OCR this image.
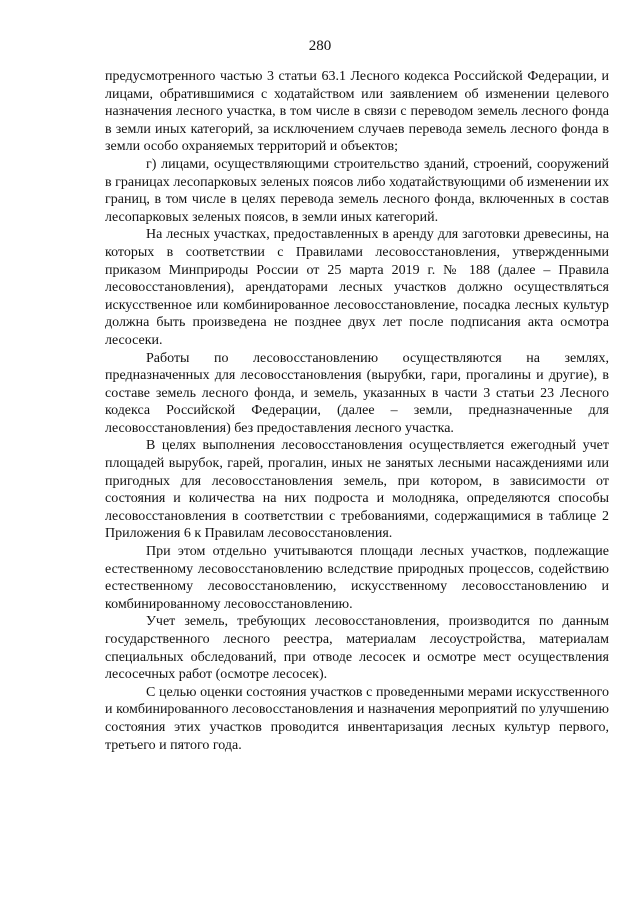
280

предусмотренного частью 3 статьи 63.1 Лесного кодекса Российской Федерации, и лицами, обратившимися с ходатайством или заявлением об изменении целевого назначения лесного участка, в том числе в связи с переводом земель лесного фонда в земли иных категорий, за исключением случаев перевода земель лесного фонда в земли особо охраняемых территорий и объектов;

г) лицами, осуществляющими строительство зданий, строений, сооружений в границах лесопарковых зеленых поясов либо ходатайствующими об изменении их границ, в том числе в целях перевода земель лесного фонда, включенных в состав лесопарковых зеленых поясов, в земли иных категорий.

На лесных участках, предоставленных в аренду для заготовки древесины, на которых в соответствии с Правилами лесовосстановления, утвержденными приказом Минприроды России от 25 марта 2019 г. № 188 (далее – Правила лесовосстановления), арендаторами лесных участков должно осуществляться искусственное или комбинированное лесовосстановление, посадка лесных культур должна быть произведена не позднее двух лет после подписания акта осмотра лесосеки.

Работы по лесовосстановлению осуществляются на землях, предназначенных для лесовосстановления (вырубки, гари, прогалины и другие), в составе земель лесного фонда, и земель, указанных в части 3 статьи 23 Лесного кодекса Российской Федерации, (далее – земли, предназначенные для лесовосстановления) без предоставления лесного участка.

В целях выполнения лесовосстановления осуществляется ежегодный учет площадей вырубок, гарей, прогалин, иных не занятых лесными насаждениями или пригодных для лесовосстановления земель, при котором, в зависимости от состояния и количества на них подроста и молодняка, определяются способы лесовосстановления в соответствии с требованиями, содержащимися в таблице 2 Приложения 6 к Правилам лесовосстановления.

При этом отдельно учитываются площади лесных участков, подлежащие естественному лесовосстановлению вследствие природных процессов, содействию естественному лесовосстановлению, искусственному лесовосстановлению и комбинированному лесовосстановлению.

Учет земель, требующих лесовосстановления, производится по данным государственного лесного реестра, материалам лесоустройства, материалам специальных обследований, при отводе лесосек и осмотре мест осуществления лесосечных работ (осмотре лесосек).

С целью оценки состояния участков с проведенными мерами искусственного и комбинированного лесовосстановления и назначения мероприятий по улучшению состояния этих участков проводится инвентаризация лесных культур первого, третьего и пятого года.
